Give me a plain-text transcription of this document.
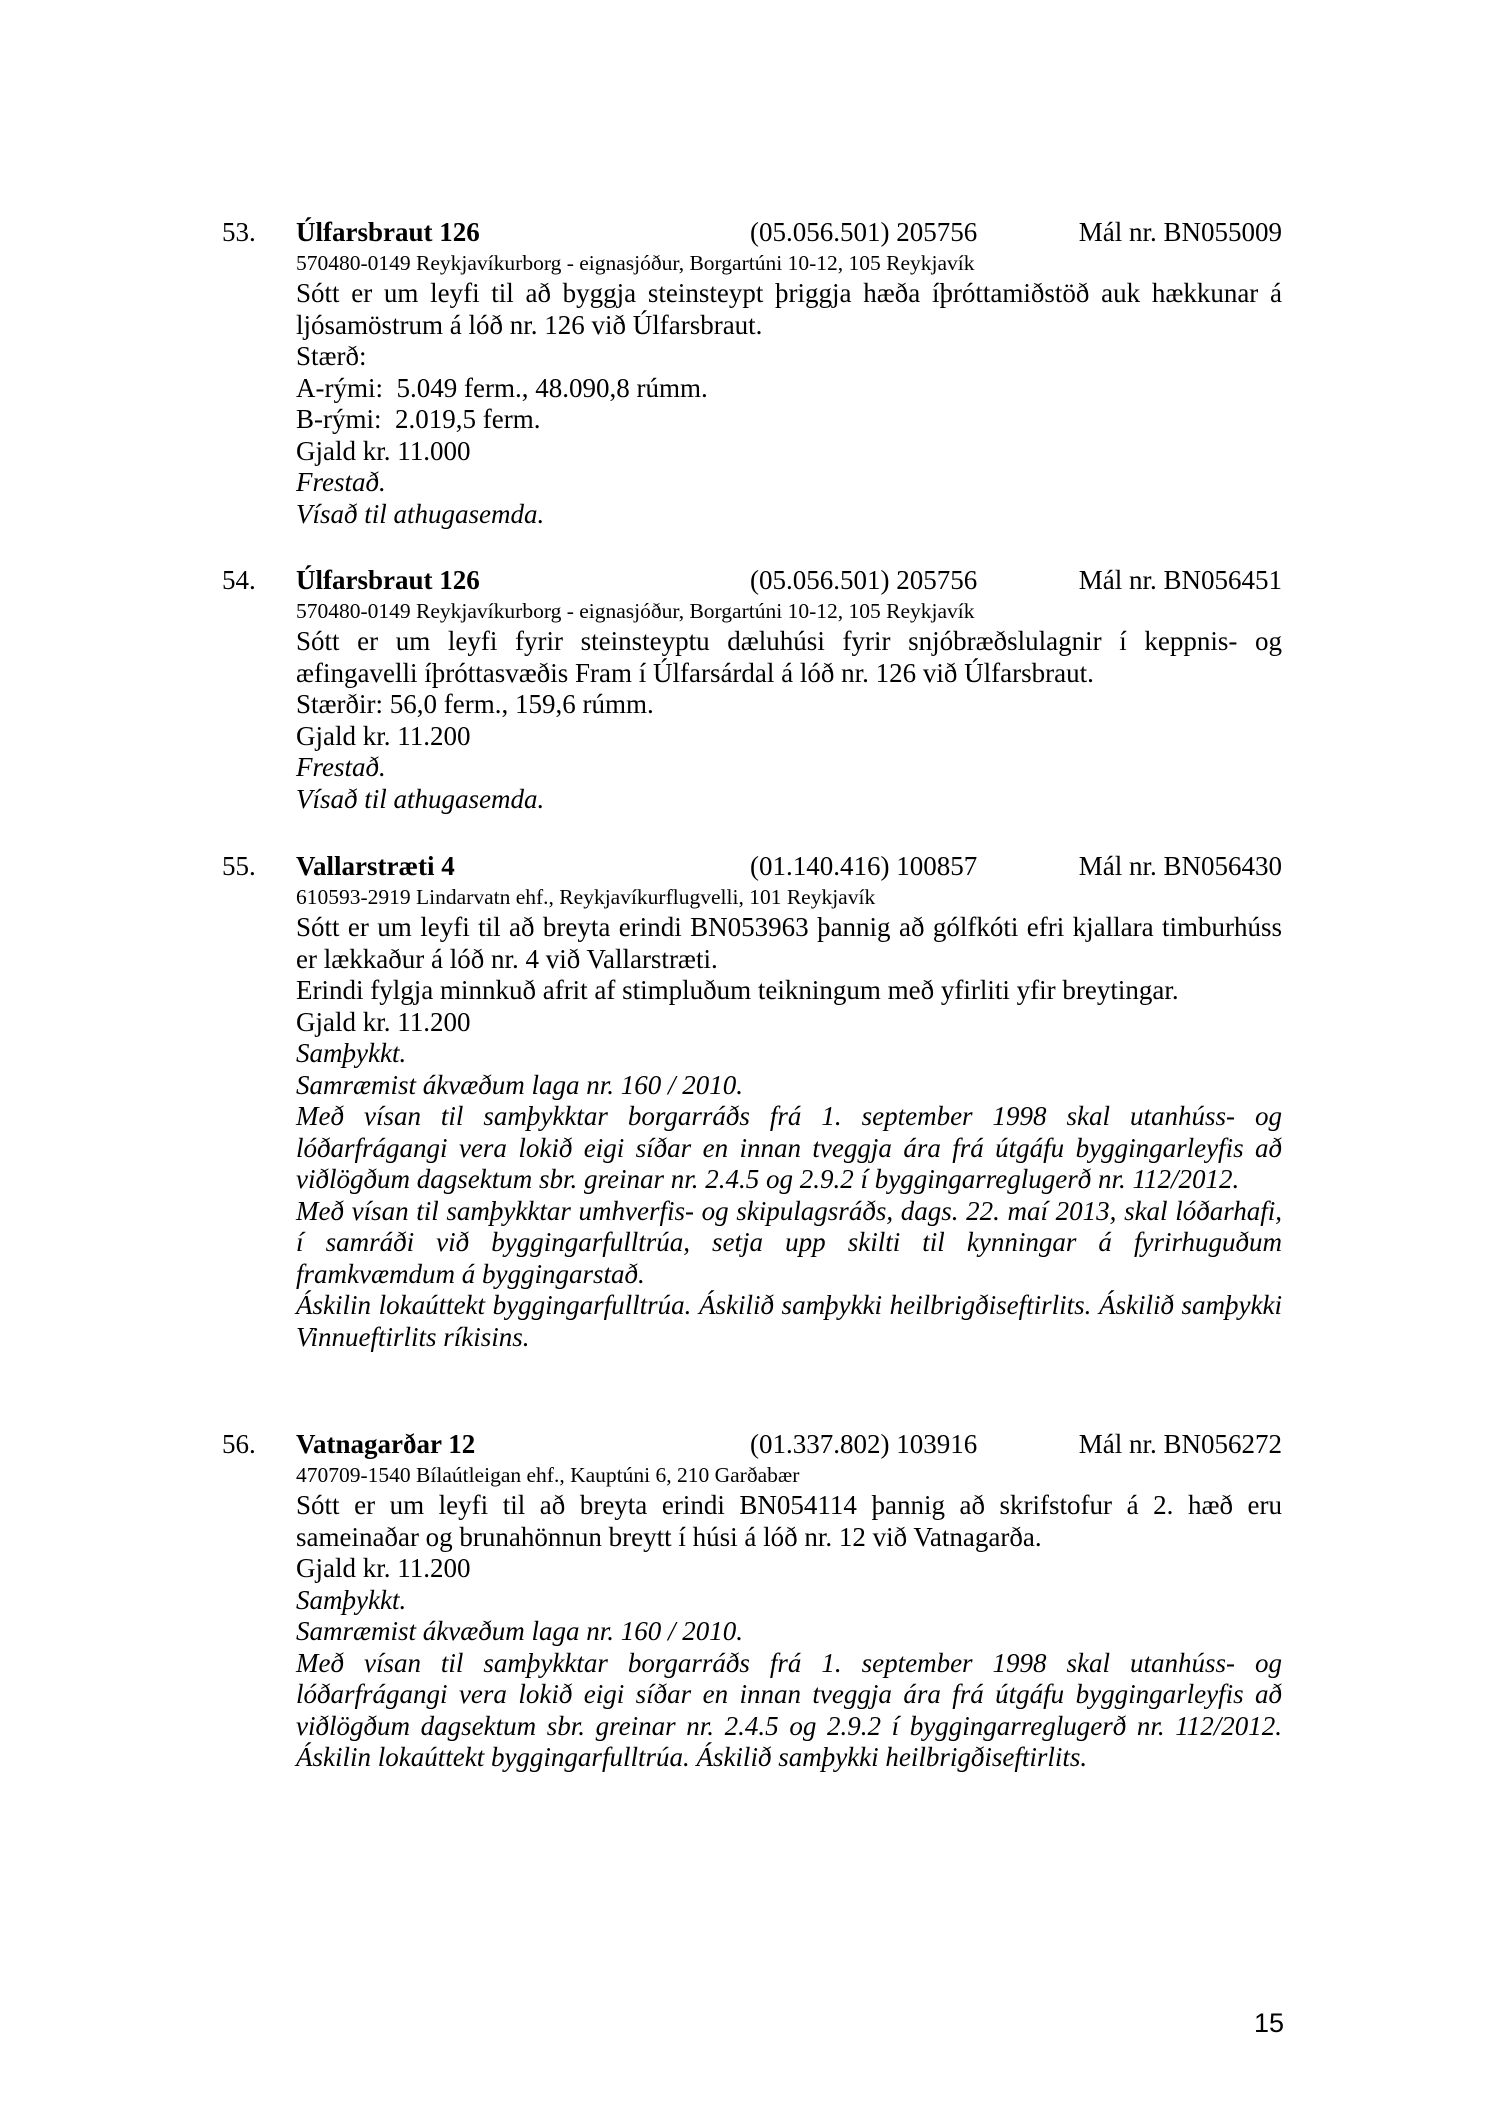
53. Úlfarsbraut 126	(05.056.501) 205756	Mál nr. BN055009
570480-0149 Reykjavíkurborg - eignasjóður, Borgartúni 10-12, 105 Reykjavík
Sótt er um leyfi til að byggja steinsteypt þriggja hæða íþróttamiðstöð auk hækkunar á ljósamöstrum á lóð nr. 126 við Úlfarsbraut.
Stærð:
A-rými:  5.049 ferm., 48.090,8 rúmm.
B-rými:  2.019,5 ferm.
Gjald kr. 11.000
Frestað.
Vísað til athugasemda.
54. Úlfarsbraut 126	(05.056.501) 205756	Mál nr. BN056451
570480-0149 Reykjavíkurborg - eignasjóður, Borgartúni 10-12, 105 Reykjavík
Sótt er um leyfi fyrir steinsteyptu dæluhúsi fyrir snjóbræðslulagnir í keppnis- og æfingavelli íþróttasvæðis Fram í Úlfarsárdal á lóð nr. 126 við Úlfarsbraut.
Stærðir: 56,0 ferm., 159,6 rúmm.
Gjald kr. 11.200
Frestað.
Vísað til athugasemda.
55. Vallarstræti 4	(01.140.416) 100857	Mál nr. BN056430
610593-2919 Lindarvatn ehf., Reykjavíkurflugvelli, 101 Reykjavík
Sótt er um leyfi til að breyta erindi BN053963 þannig að gólfkóti efri kjallara timburhúss er lækkaður á lóð nr. 4 við Vallarstræti.
Erindi fylgja minnkuð afrit af stimpluðum teikningum með yfirliti yfir breytingar.
Gjald kr. 11.200
Samþykkt.
Samræmist ákvæðum laga nr. 160 / 2010.
Með vísan til samþykktar borgarráðs frá 1. september 1998 skal utanhúss- og lóðarfrágangi vera lokið eigi síðar en innan tveggja ára frá útgáfu byggingarleyfis að viðlögðum dagsektum sbr. greinar nr. 2.4.5 og 2.9.2 í byggingarreglugerð nr. 112/2012.
Með vísan til samþykktar umhverfis- og skipulagsráðs, dags. 22. maí 2013, skal lóðarhafi, í samráði við byggingarfulltrúa, setja upp skilti til kynningar á fyrirhuguðum framkvæmdum á byggingarstað.
Áskilin lokaúttekt byggingarfulltrúa. Áskilið samþykki heilbrigðiseftirlits. Áskilið samþykki Vinnueftirlits ríkisins.
56. Vatnagarðar 12	(01.337.802) 103916	Mál nr. BN056272
470709-1540 Bílaútleigan ehf., Kauptúni 6, 210 Garðabær
Sótt er um leyfi til að breyta erindi BN054114 þannig að skrifstofur á 2. hæð eru sameinaðar og brunahönnun breytt í húsi á lóð nr. 12 við Vatnagarða.
Gjald kr. 11.200
Samþykkt.
Samræmist ákvæðum laga nr. 160 / 2010.
Með vísan til samþykktar borgarráðs frá 1. september 1998 skal utanhúss- og lóðarfrágangi vera lokið eigi síðar en innan tveggja ára frá útgáfu byggingarleyfis að viðlögðum dagsektum sbr. greinar nr. 2.4.5 og 2.9.2 í byggingarreglugerð nr. 112/2012. Áskilin lokaúttekt byggingarfulltrúa. Áskilið samþykki heilbrigðiseftirlits.
15
